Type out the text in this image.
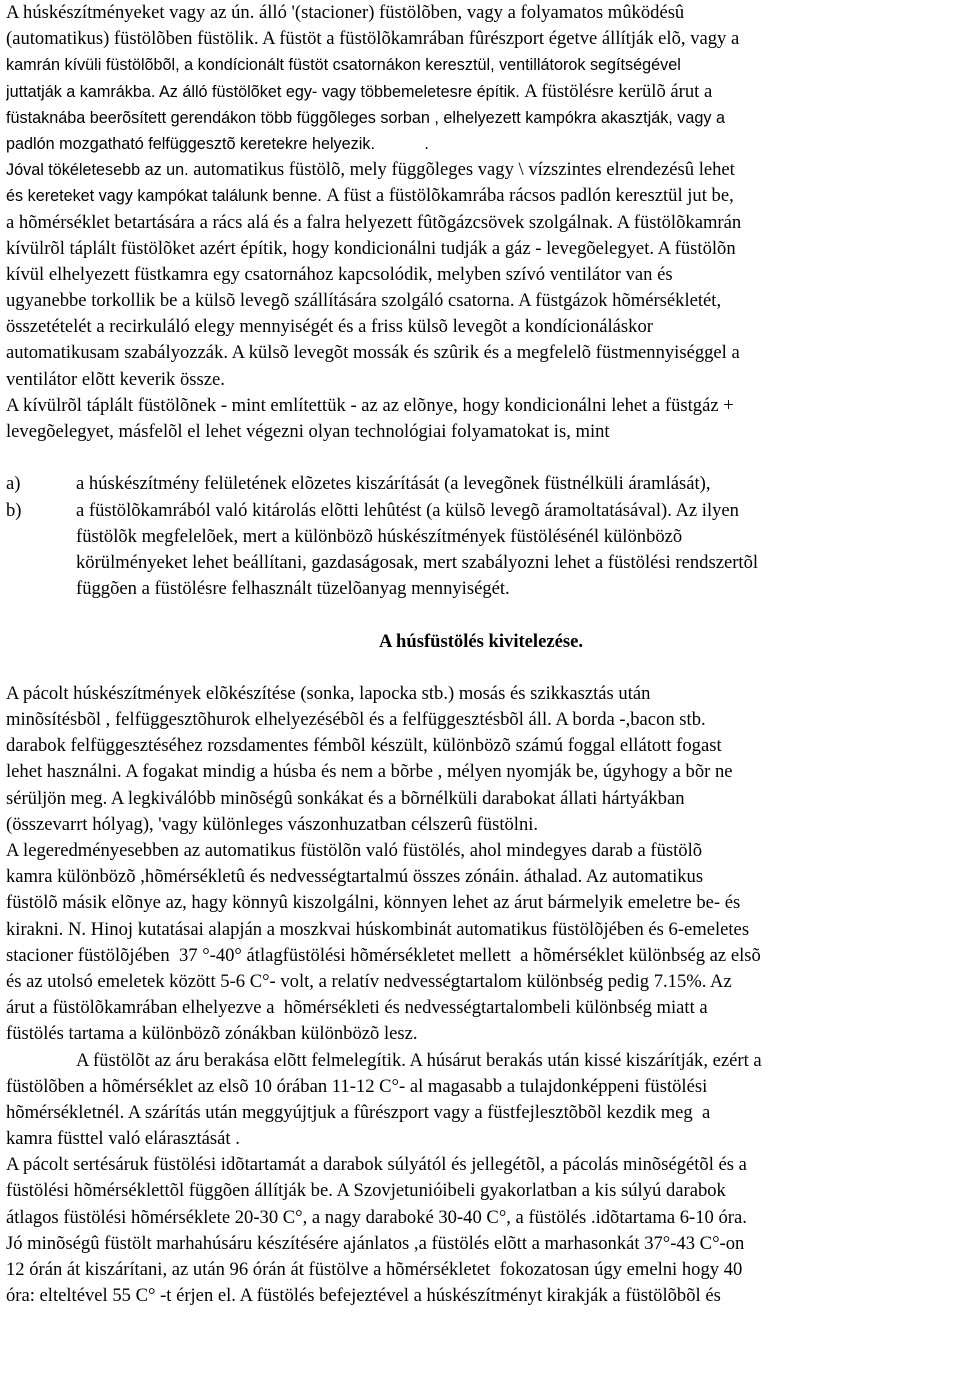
A húskészítményeket vagy az ún. álló '(stacioner) füstölõben, vagy a folyamatos mûködésû
(automatikus) füstölõben füstölik. A füstöt a füstölõkamrában fûrészport égetve állítják elõ, vagy a
kamrán kívüli füstölõbõl, a kondícionált füstöt csatornákon keresztül, ventillátorok segítségével
juttatják a kamrákba. Az álló füstölõket egy- vagy többemeletesre építik. A füstölésre kerülõ árut a
füstaknába beerõsített gerendákon több függõleges sorban , elhelyezett kampókra akasztják, vagy a
padlón mozgatható felfüggesztõ keretekre helyezik.           .
Jóval tökéletesebb az un. automatikus füstölõ, mely függõleges vagy \ vízszintes elrendezésû lehet
és kereteket vagy kampókat találunk benne. A füst a füstölõkamrába rácsos padlón keresztül jut be,
a hõmérséklet betartására a rács alá és a falra helyezett fûtõgázcsövek szolgálnak. A füstölõkamrán
kívülrõl táplált füstölõket azért építik, hogy kondicionálni tudják a gáz - levegõelegyet. A füstölõn
kívül elhelyezett füstkamra egy csatornához kapcsolódik, melyben szívó ventilátor van és
ugyanebbe torkollik be a külsõ levegõ szállítására szolgáló csatorna. A füstgázok hõmérsékletét,
összetételét a recirkuláló elegy mennyiségét és a friss külsõ levegõt a kondícionáláskor
automatikusam szabályozzák. A külsõ levegõt mossák és szûrik és a megfelelõ füstmennyiséggel a
ventilátor elõtt keverik össze.
A kívülrõl táplált füstölõnek - mint említettük - az az elõnye, hogy kondicionálni lehet a füstgáz +
levegõelegyet, másfelõl el lehet végezni olyan technológiai folyamatokat is, mint
a)	a húskészítmény felületének elõzetes kiszárítását (a levegõnek füstnélküli áramlását),
b)	a füstölõkamrából való kitárolás elõtti lehûtést (a külsõ levegõ áramoltatásával). Az ilyen
füstölõk megfelelõek, mert a különbözõ húskészítmények füstölésénél különbözõ
körülményeket lehet beállítani, gazdaságosak, mert szabályozni lehet a füstölési rendszertõl
függõen a füstölésre felhasznált tüzelõanyag mennyiségét.
A húsfüstölés kivitelezése.
A pácolt húskészítmények elõkészítése (sonka, lapocka stb.) mosás és szikkasztás után
minõsítésbõl , felfüggesztõhurok elhelyezésébõl és a felfüggesztésbõl áll. A borda -,bacon stb.
darabok felfüggesztéséhez rozsdamentes fémbõl készült, különbözõ számú foggal ellátott fogast
lehet használni. A fogakat mindig a húsba és nem a bõrbe , mélyen nyomják be, úgyhogy a bõr ne
sérüljön meg. A legkiválóbb minõségû sonkákat és a bõrnélküli darabokat állati hártyákban
(összevarrt hólyag), 'vagy különleges vászonhuzatban célszerû füstölni.
A legeredményesebben az automatikus füstölõn való füstölés, ahol mindegyes darab a füstölõ
kamra különbözõ ,hõmérsékletû és nedvességtartalmú összes zónáin. áthalad. Az automatikus
füstölõ másik elõnye az, hagy könnyû kiszolgálni, könnyen lehet az árut bármelyik emeletre be- és
kirakni. N. Hinoj kutatásai alapján a moszkvai húskombinát automatikus füstölõjében és 6-emeletes
stacioner füstölõjében  37 °-40° átlagfüstölési hõmérsékletet mellett  a hõmérséklet különbség az elsõ
és az utolsó emeletek között 5-6 C°- volt, a relatív nedvességtartalom különbség pedig 7.15%. Az
árut a füstölõkamrában elhelyezve a  hõmérsékleti és nedvességtartalombeli különbség miatt a
füstölés tartama a különbözõ zónákban különbözõ lesz.
A füstölõt az áru berakása elõtt felmelegítik. A húsárut berakás után kissé kiszárítják, ezért a
füstölõben a hõmérséklet az elsõ 10 órában 11-12 C°- al magasabb a tulajdonképpeni füstölési
hõmérsékletnél. A szárítás után meggyújtjuk a fûrészport vagy a füstfejlesztõbõl kezdik meg  a
kamra füsttel való elárasztását .
A pácolt sertésáruk füstölési idõtartamát a darabok súlyától és jellegétõl, a pácolás minõségétõl és a
füstölési hõmérséklettõl függõen állítják be. A Szovjetunióibeli gyakorlatban a kis súlyú darabok
átlagos füstölési hõmérséklete 20-30 C°, a nagy daraboké 30-40 C°, a füstölés .idõtartama 6-10 óra.
Jó minõségû füstölt marhahúsáru készítésére ajánlatos ,a füstölés elõtt a marhasonkát 37°-43 C°-on
12 órán át kiszárítani, az után 96 órán át füstölve a hõmérsékletet  fokozatosan úgy emelni hogy 40
óra: elteltével 55 C° -t érjen el. A füstölés befejeztével a húskészítményt kirakják a füstölõbõl és
